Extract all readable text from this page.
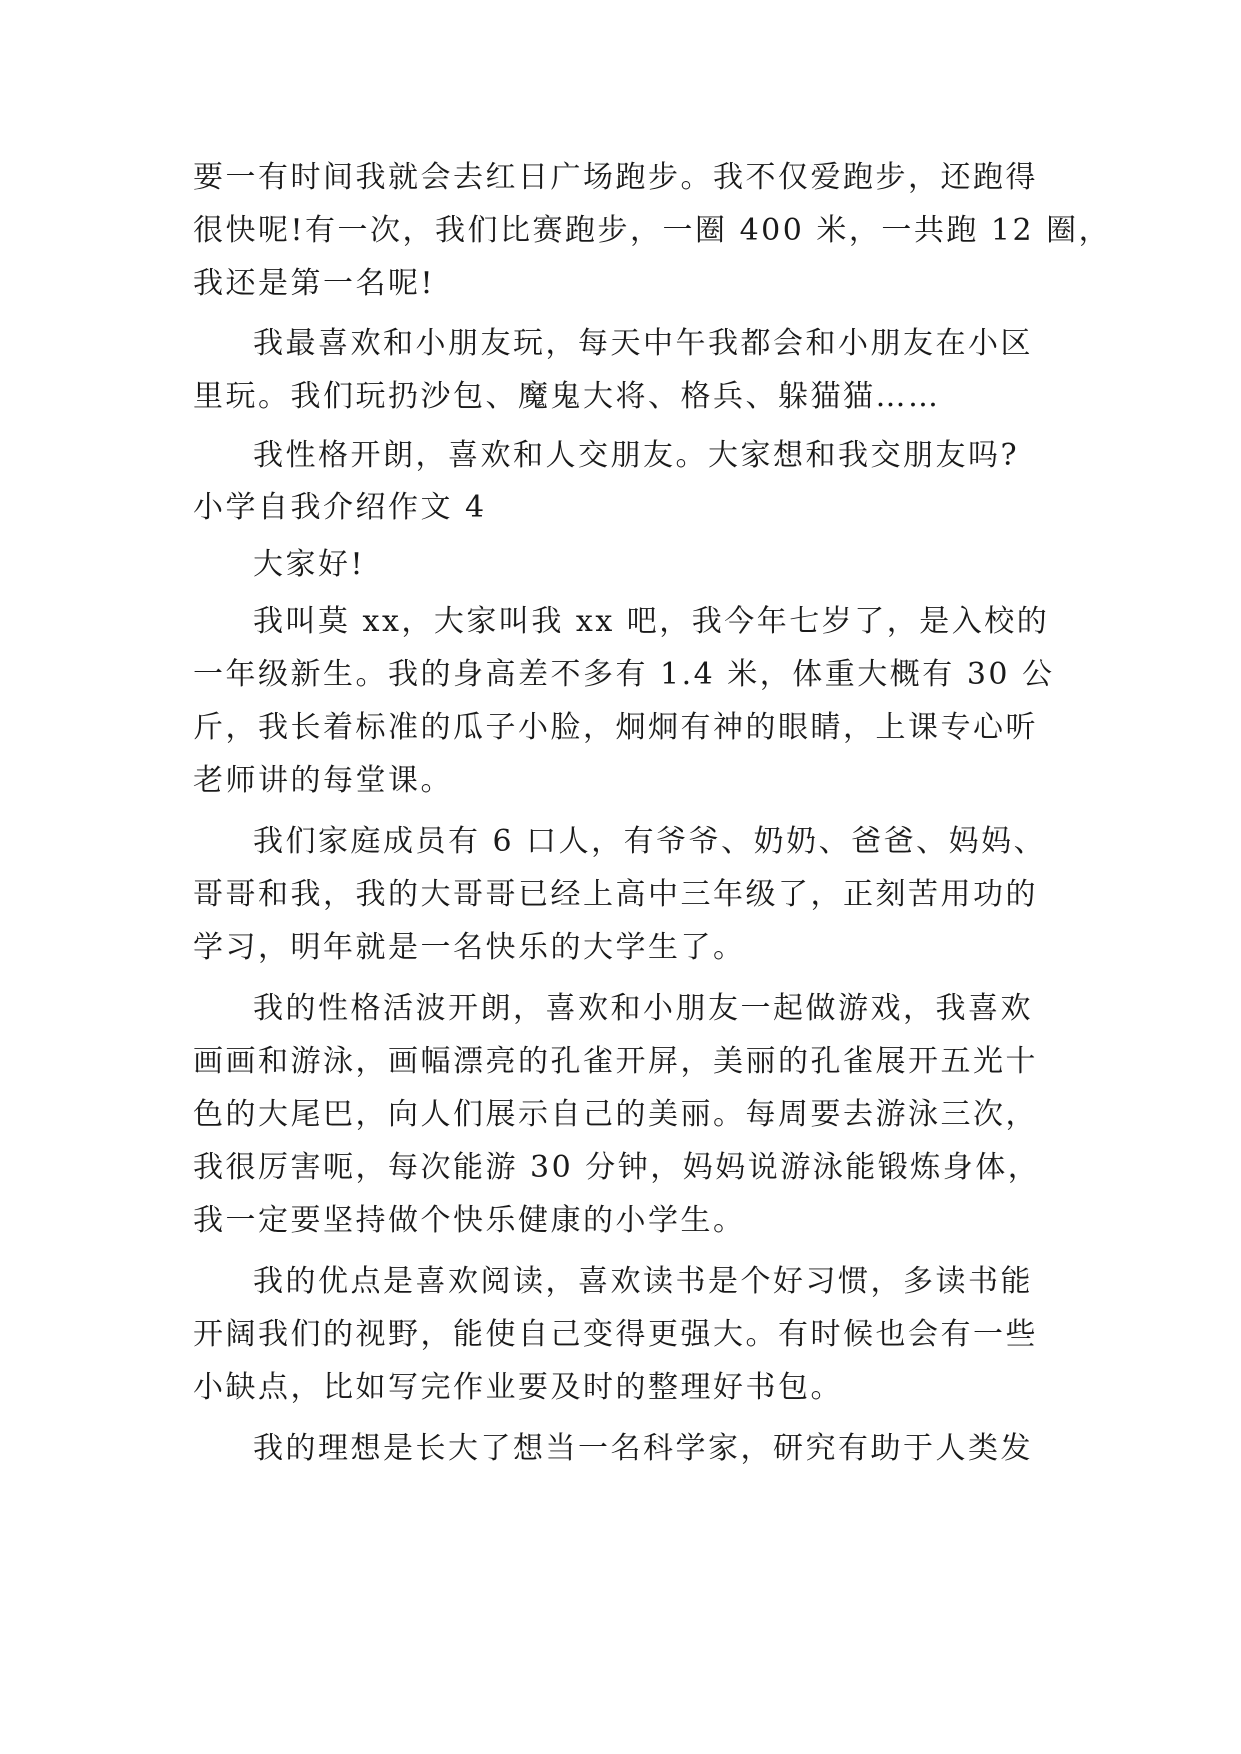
要一有时间我就会去红日广场跑步。我不仅爱跑步，还跑得
很快呢!有一次，我们比赛跑步，一圈 400 米，一共跑 12 圈，
我还是第一名呢!
我最喜欢和小朋友玩，每天中午我都会和小朋友在小区
里玩。我们玩扔沙包、魔鬼大将、格兵、躲猫猫……
我性格开朗，喜欢和人交朋友。大家想和我交朋友吗?
小学自我介绍作文 4
大家好!
我叫莫 xx，大家叫我 xx 吧，我今年七岁了，是入校的
一年级新生。我的身高差不多有 1.4 米，体重大概有 30 公
斤，我长着标准的瓜子小脸，炯炯有神的眼睛，上课专心听
老师讲的每堂课。
我们家庭成员有 6 口人，有爷爷、奶奶、爸爸、妈妈、
哥哥和我，我的大哥哥已经上高中三年级了，正刻苦用功的
学习，明年就是一名快乐的大学生了。
我的性格活波开朗，喜欢和小朋友一起做游戏，我喜欢
画画和游泳，画幅漂亮的孔雀开屏，美丽的孔雀展开五光十
色的大尾巴，向人们展示自己的美丽。每周要去游泳三次，
我很厉害呃，每次能游 30 分钟，妈妈说游泳能锻炼身体，
我一定要坚持做个快乐健康的小学生。
我的优点是喜欢阅读，喜欢读书是个好习惯，多读书能
开阔我们的视野，能使自己变得更强大。有时候也会有一些
小缺点，比如写完作业要及时的整理好书包。
我的理想是长大了想当一名科学家，研究有助于人类发
